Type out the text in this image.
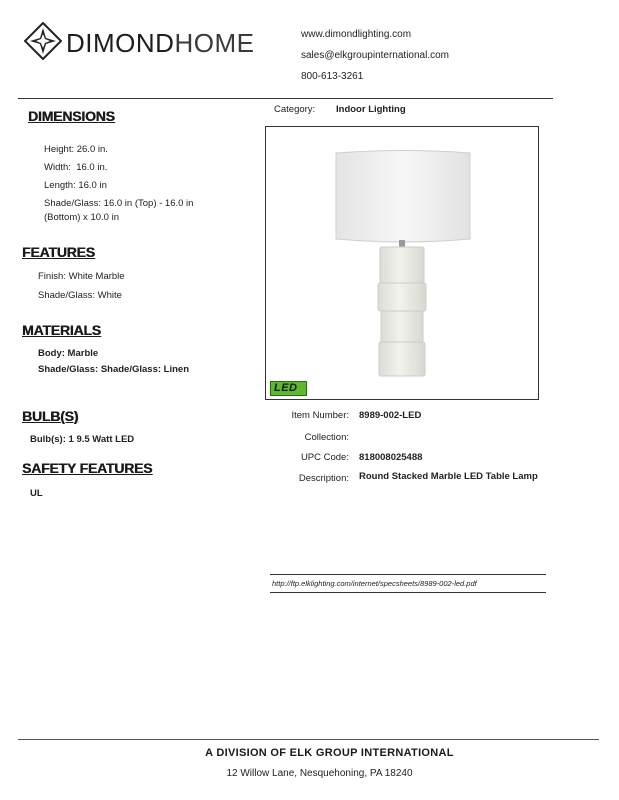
DIMONDHOME	www.dimondlighting.com
sales@elkgroupinternational.com
800-613-3261
DIMENSIONS
Height: 26.0 in.
Width:  16.0 in.
Length: 16.0 in
Shade/Glass: 16.0 in (Top) - 16.0 in
(Bottom) x 10.0 in
FEATURES
Finish: White Marble
Shade/Glass: White
MATERIALS
Body: Marble
Shade/Glass: Shade/Glass: Linen
BULB(S)
Bulb(s): 1 9.5 Watt LED
SAFETY FEATURES
UL
Category: Indoor Lighting
LED
Item Number: 8989-002-LED
Collection:
UPC Code: 818008025488
Description: Round Stacked Marble LED Table Lamp
http://ftp.elklighting.com/internet/specsheets/8989-002-led.pdf
A DIVISION OF ELK GROUP INTERNATIONAL
12 Willow Lane, Nesquehoning, PA 18240
